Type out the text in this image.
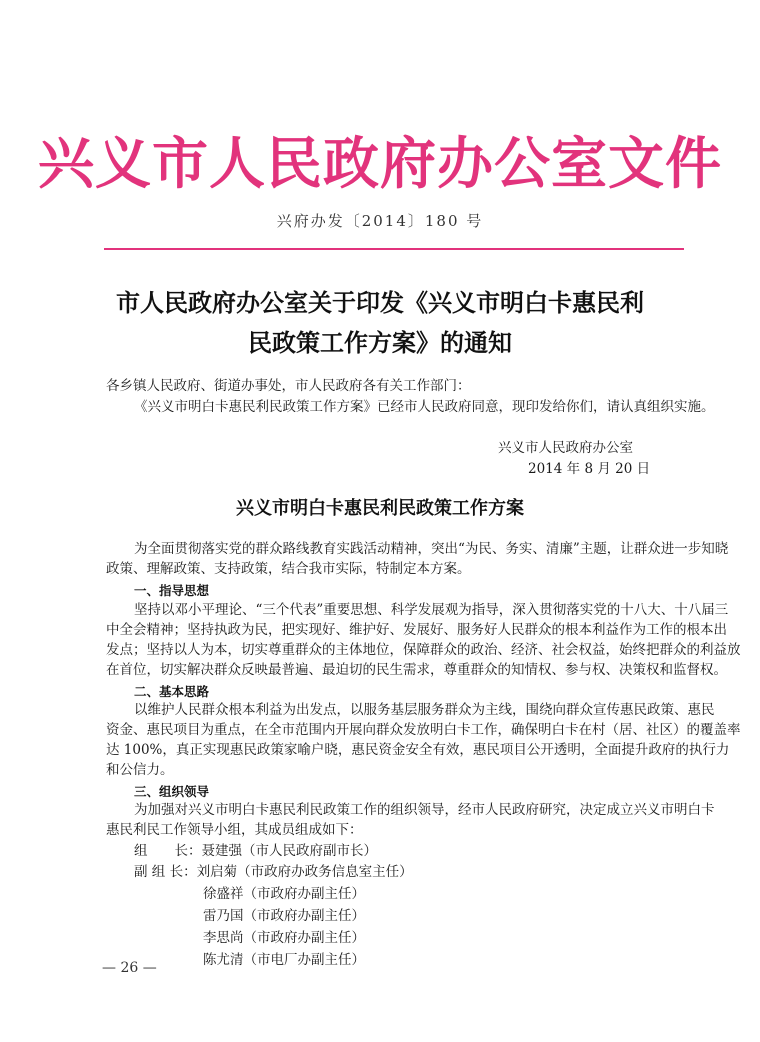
兴义市人民政府办公室文件
兴府办发〔2014〕180 号
市人民政府办公室关于印发《兴义市明白卡惠民利
民政策工作方案》的通知
各乡镇人民政府、街道办事处，市人民政府各有关工作部门：
《兴义市明白卡惠民利民政策工作方案》已经市人民政府同意，现印发给你们，请认真组织实施。
兴义市人民政府办公室
2014 年 8 月 20 日
兴义市明白卡惠民利民政策工作方案
为全面贯彻落实党的群众路线教育实践活动精神，突出“为民、务实、清廉”主题，让群众进一步知晓
政策、理解政策、支持政策，结合我市实际，特制定本方案。
一、指导思想
坚持以邓小平理论、“三个代表”重要思想、科学发展观为指导，深入贯彻落实党的十八大、十八届三
中全会精神；坚持执政为民，把实现好、维护好、发展好、服务好人民群众的根本利益作为工作的根本出
发点；坚持以人为本，切实尊重群众的主体地位，保障群众的政治、经济、社会权益，始终把群众的利益放
在首位，切实解决群众反映最普遍、最迫切的民生需求，尊重群众的知情权、参与权、决策权和监督权。
二、基本思路
以维护人民群众根本利益为出发点，以服务基层服务群众为主线，围绕向群众宣传惠民政策、惠民
资金、惠民项目为重点，在全市范围内开展向群众发放明白卡工作，确保明白卡在村（居、社区）的覆盖率
达 100%，真正实现惠民政策家喻户晓，惠民资金安全有效，惠民项目公开透明，全面提升政府的执行力
和公信力。
三、组织领导
为加强对兴义市明白卡惠民利民政策工作的组织领导，经市人民政府研究，决定成立兴义市明白卡
惠民利民工作领导小组，其成员组成如下：
组　　长：聂建强（市人民政府副市长）
副 组 长：刘启菊（市政府办政务信息室主任）
徐盛祥（市政府办副主任）
雷乃国（市政府办副主任）
李思尚（市政府办副主任）
陈尤清（市电厂办副主任）
— 26 —
